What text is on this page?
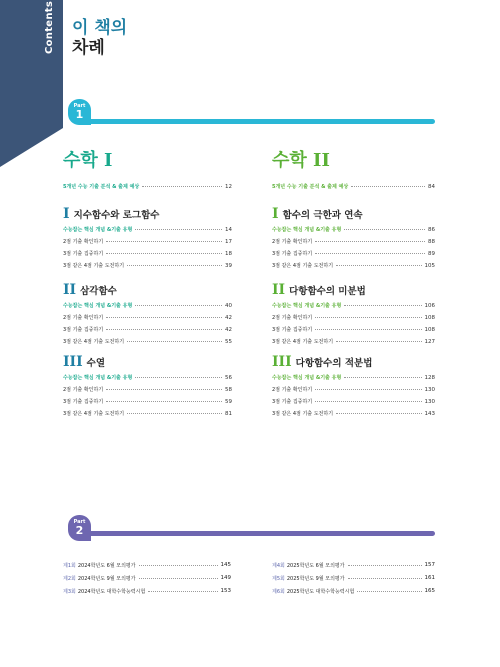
Contents 이 책의
차례
Part
1
수학 I
5개년 수능 기출 분석 & 출제 예상	12
I 지수함수와 로그함수
수능잡는 핵심 개념 &기출 유형	14
2점 기출 확인하기	17
3점 기출 집중하기	18
3점 같은 4점 기출 도전하기	39
II 삼각함수
수능잡는 핵심 개념 &기출 유형	40
2점 기출 확인하기	42
3점 기출 집중하기	42
3점 같은 4점 기출 도전하기	55
III 수열
수능잡는 핵심 개념 &기출 유형	56
2점 기출 확인하기	58
3점 기출 집중하기	59
3점 같은 4점 기출 도전하기	81
수학 II
5개년 수능 기출 분석 & 출제 예상	84
I 함수의 극한과 연속
수능잡는 핵심 개념 &기출 유형	86
2점 기출 확인하기	88
3점 기출 집중하기	89
3점 같은 4점 기출 도전하기	105
II 다항함수의 미분법
수능잡는 핵심 개념 &기출 유형	106
2점 기출 확인하기	108
3점 기출 집중하기	108
3점 같은 4점 기출 도전하기	127
III 다항함수의 적분법
수능잡는 핵심 개념 &기출 유형	128
2점 기출 확인하기	130
3점 기출 집중하기	130
3점 같은 4점 기출 도전하기	143
Part
2
제1회 2024학년도 6월 모의평가	145
제2회 2024학년도 9월 모의평가	149
제3회 2024학년도 대학수학능력시험	153
제4회 2025학년도 6월 모의평가	157
제5회 2025학년도 9월 모의평가	161
제6회 2025학년도 대학수학능력시험	165
